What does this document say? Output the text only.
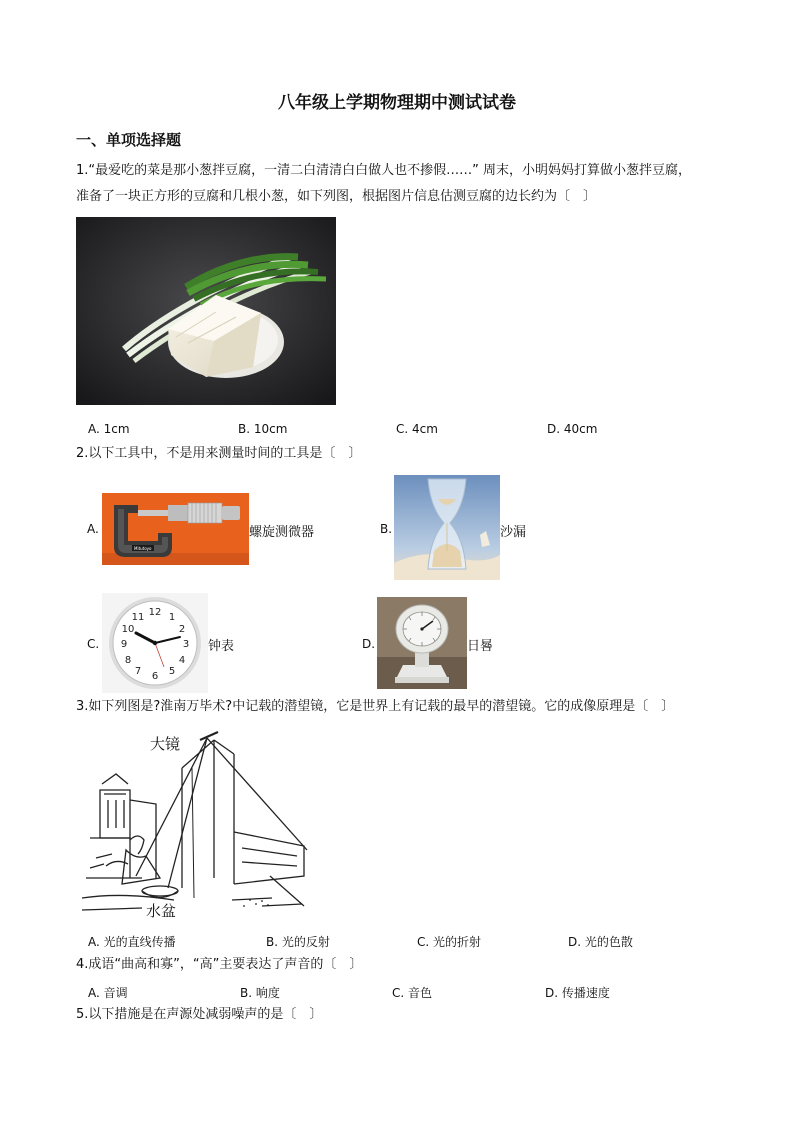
八年级上学期物理期中测试试卷
一、单项选择题
1.“最爱吃的菜是那小葱拌豆腐，一清二白清清白白做人也不掺假……” 周末，小明妈妈打算做小葱拌豆腐，
准备了一块正方形的豆腐和几根小葱，如下列图，根据图片信息估测豆腐的边长约为〔　〕
A. 1cm	B. 10cm	C. 4cm	D. 40cm
2.以下工具中，不是用来测量时间的工具是〔　〕
A.
Mitutoyo
螺旋测微器	B.	沙漏
C.
12
3
6
9
1
2
4
5
7
8
10
11
钟表	D.	日晷
3.如下列图是?淮南万毕术?中记载的潜望镜，它是世界上有记载的最早的潜望镜。它的成像原理是〔　〕
大镜
水盆
A. 光的直线传播	B. 光的反射	C. 光的折射	D. 光的色散
4.成语“曲高和寡”，“高”主要表达了声音的〔　〕
A. 音调	B. 响度	C. 音色	D. 传播速度
5.以下措施是在声源处减弱噪声的是〔　〕
